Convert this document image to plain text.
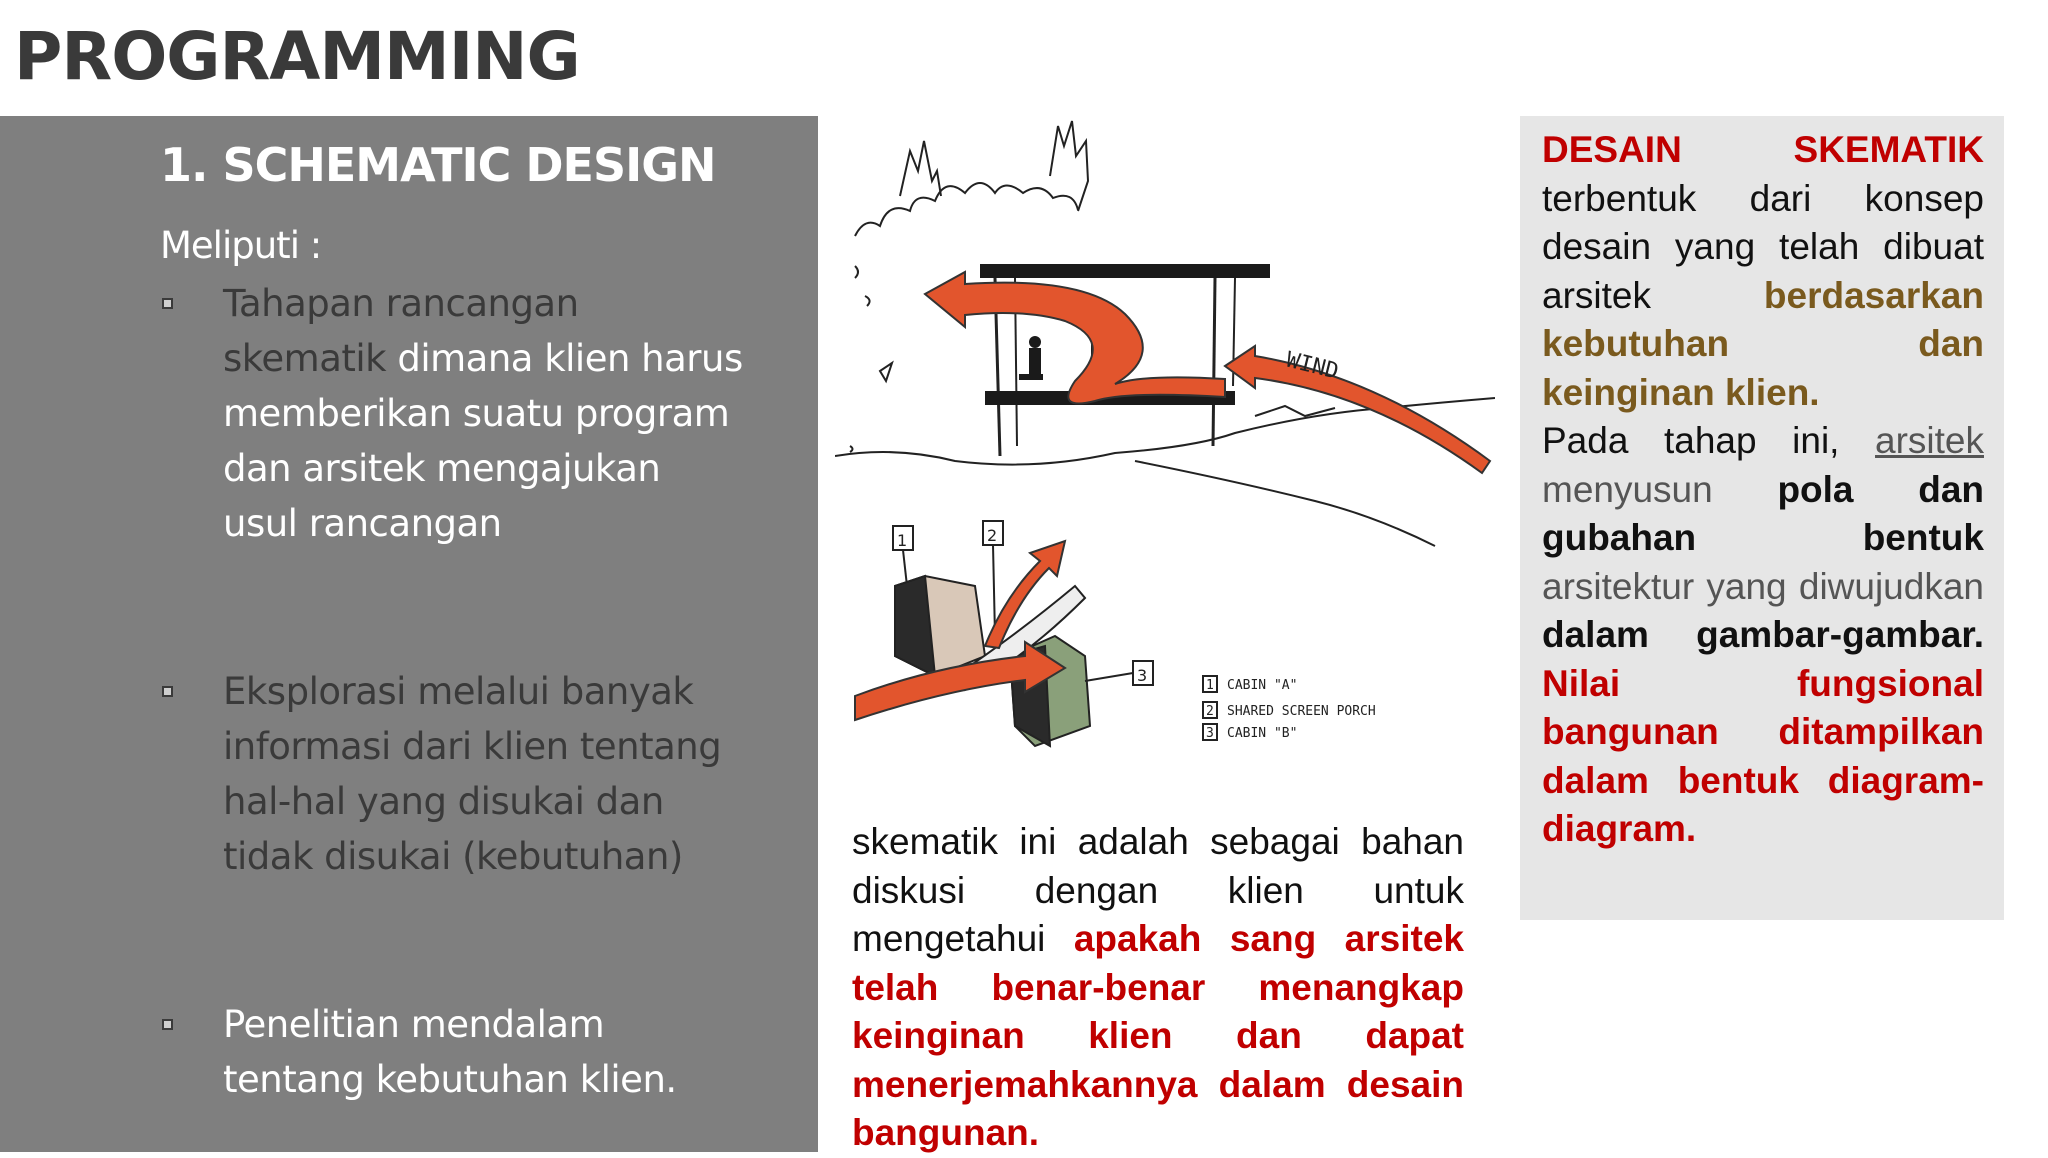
PROGRAMMING
1. SCHEMATIC DESIGN
Meliputi :
Tahapan rancangan skematik dimana klien harus memberikan suatu program dan arsitek mengajukan usul rancangan
Eksplorasi melalui banyak informasi dari klien tentang hal-hal yang disukai dan tidak disukai (kebutuhan)
Penelitian mendalam tentang kebutuhan klien.
WIND
1	2
3
1 CABIN "A"
2 SHARED SCREEN PORCH
3 CABIN "B"
skematik ini adalah sebagai bahan diskusi dengan klien untuk mengetahui apakah sang arsitek telah benar-benar menangkap keinginan klien dan dapat menerjemahkannya dalam desain bangunan.
DESAIN SKEMATIK terbentuk dari konsep desain yang telah dibuat arsitek berdasarkan kebutuhan dan keinginan klien.
Pada tahap ini, arsitek menyusun pola dan gubahan bentuk arsitektur yang diwujudkan dalam gambar-gambar. Nilai fungsional bangunan ditampilkan dalam bentuk diagram-diagram.
